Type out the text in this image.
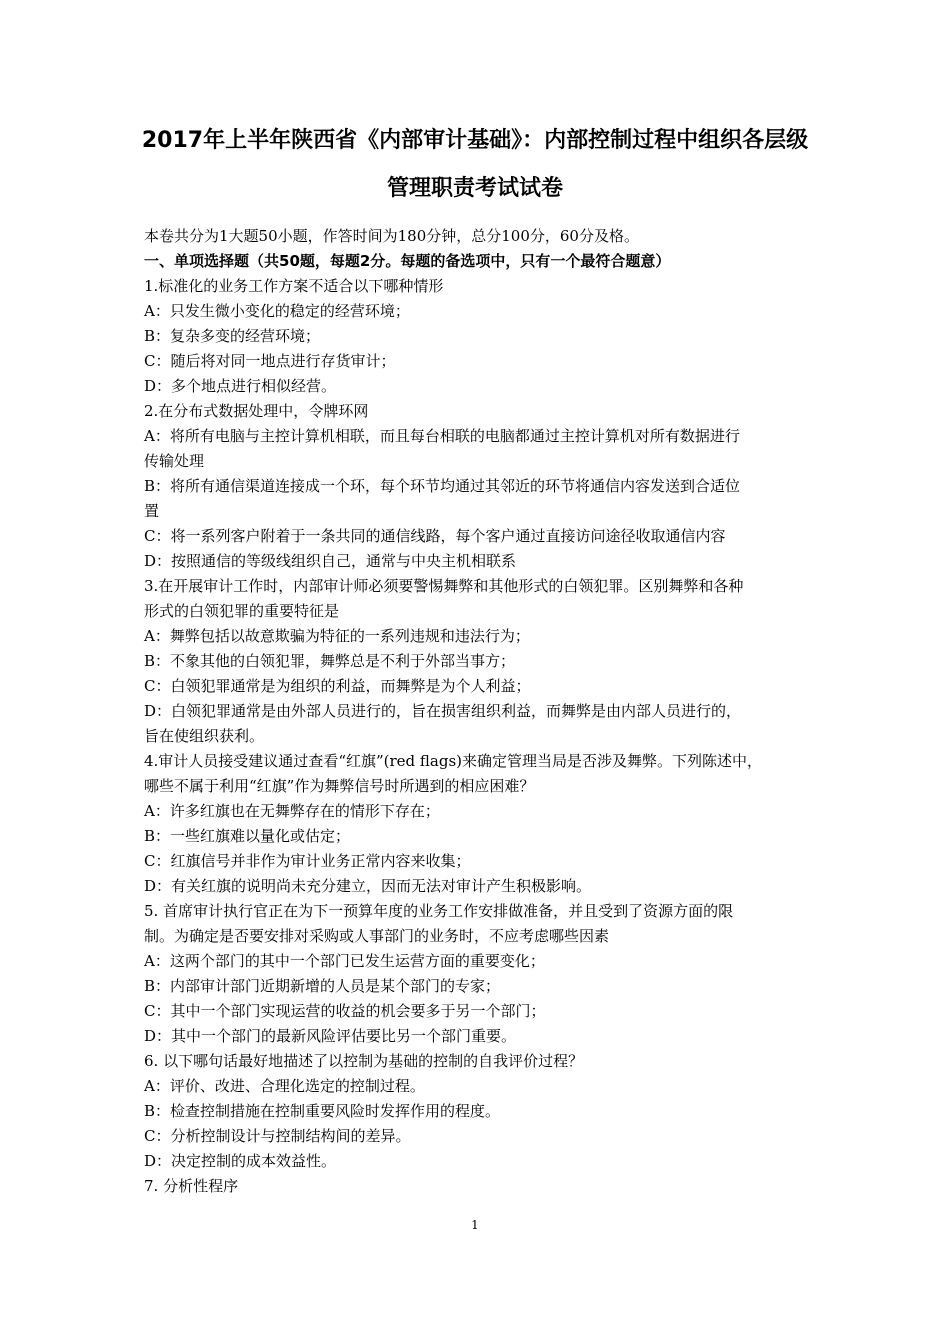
2017年上半年陕西省《内部审计基础》：内部控制过程中组织各层级
管理职责考试试卷
本卷共分为1大题50小题，作答时间为180分钟，总分100分，60分及格。
一、单项选择题（共50题，每题2分。每题的备选项中，只有一个最符合题意）
1.标准化的业务工作方案不适合以下哪种情形
A：只发生微小变化的稳定的经营环境；
B：复杂多变的经营环境；
C：随后将对同一地点进行存货审计；
D：多个地点进行相似经营。
2.在分布式数据处理中，令牌环网
A：将所有电脑与主控计算机相联，而且每台相联的电脑都通过主控计算机对所有数据进行
传输处理
B：将所有通信渠道连接成一个环，每个环节均通过其邻近的环节将通信内容发送到合适位
置
C：将一系列客户附着于一条共同的通信线路，每个客户通过直接访问途径收取通信内容
D：按照通信的等级线组织自己，通常与中央主机相联系
3.在开展审计工作时，内部审计师必须要警惕舞弊和其他形式的白领犯罪。区别舞弊和各种
形式的白领犯罪的重要特征是
A：舞弊包括以故意欺骗为特征的一系列违规和违法行为；
B：不象其他的白领犯罪，舞弊总是不利于外部当事方；
C：白领犯罪通常是为组织的利益，而舞弊是为个人利益；
D：白领犯罪通常是由外部人员进行的，旨在损害组织利益，而舞弊是由内部人员进行的，
旨在使组织获利。
4.审计人员接受建议通过查看“红旗”(red flags)来确定管理当局是否涉及舞弊。下列陈述中，
哪些不属于利用“红旗”作为舞弊信号时所遇到的相应困难？
A：许多红旗也在无舞弊存在的情形下存在；
B：一些红旗难以量化或估定；
C：红旗信号并非作为审计业务正常内容来收集；
D：有关红旗的说明尚未充分建立，因而无法对审计产生积极影响。
5. 首席审计执行官正在为下一预算年度的业务工作安排做准备，并且受到了资源方面的限
制。为确定是否要安排对采购或人事部门的业务时，不应考虑哪些因素
A：这两个部门的其中一个部门已发生运营方面的重要变化；
B：内部审计部门近期新增的人员是某个部门的专家；
C：其中一个部门实现运营的收益的机会要多于另一个部门；
D：其中一个部门的最新风险评估要比另一个部门重要。
6. 以下哪句话最好地描述了以控制为基础的控制的自我评价过程？
A：评价、改进、合理化选定的控制过程。
B：检查控制措施在控制重要风险时发挥作用的程度。
C：分析控制设计与控制结构间的差异。
D：决定控制的成本效益性。
7. 分析性程序
1
